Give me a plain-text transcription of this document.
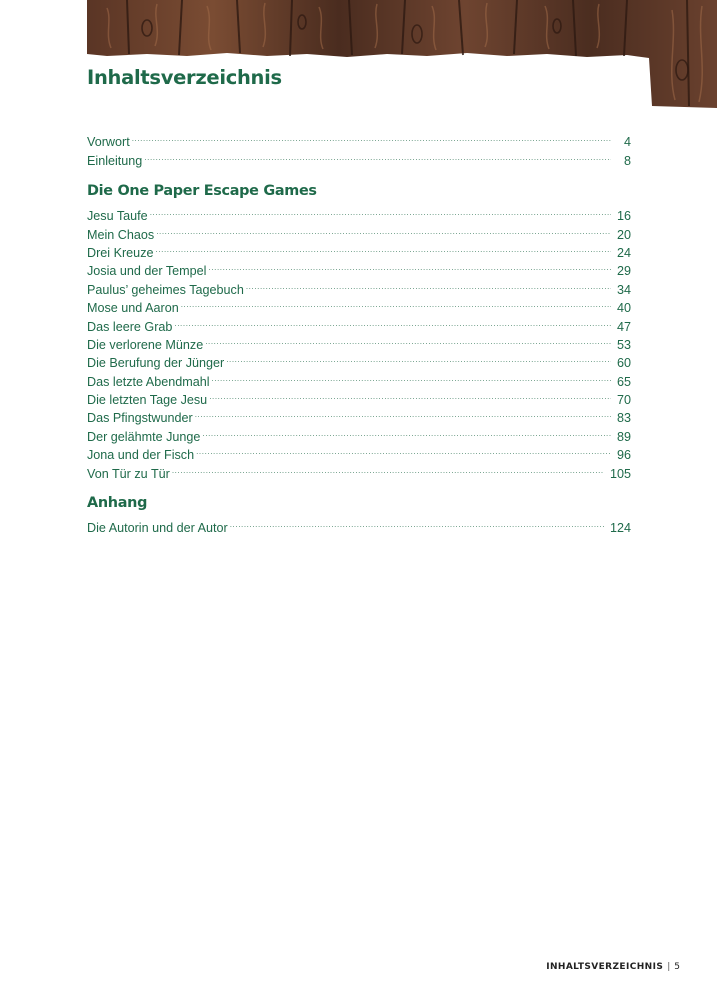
Inhaltsverzeichnis
Vorwort .....	4
Einleitung .....	8
Die One Paper Escape Games
Jesu Taufe .....	16
Mein Chaos .....	20
Drei Kreuze .....	24
Josia und der Tempel .....	29
Paulus’ geheimes Tagebuch .....	34
Mose und Aaron .....	40
Das leere Grab .....	47
Die verlorene Münze .....	53
Die Berufung der Jünger .....	60
Das letzte Abendmahl .....	65
Die letzten Tage Jesu .....	70
Das Pfingstwunder .....	83
Der gelähmte Junge .....	89
Jona und der Fisch .....	96
Von Tür zu Tür .....	105
Anhang
Die Autorin und der Autor .....	124
INHALTSVERZEICHNIS | 5
